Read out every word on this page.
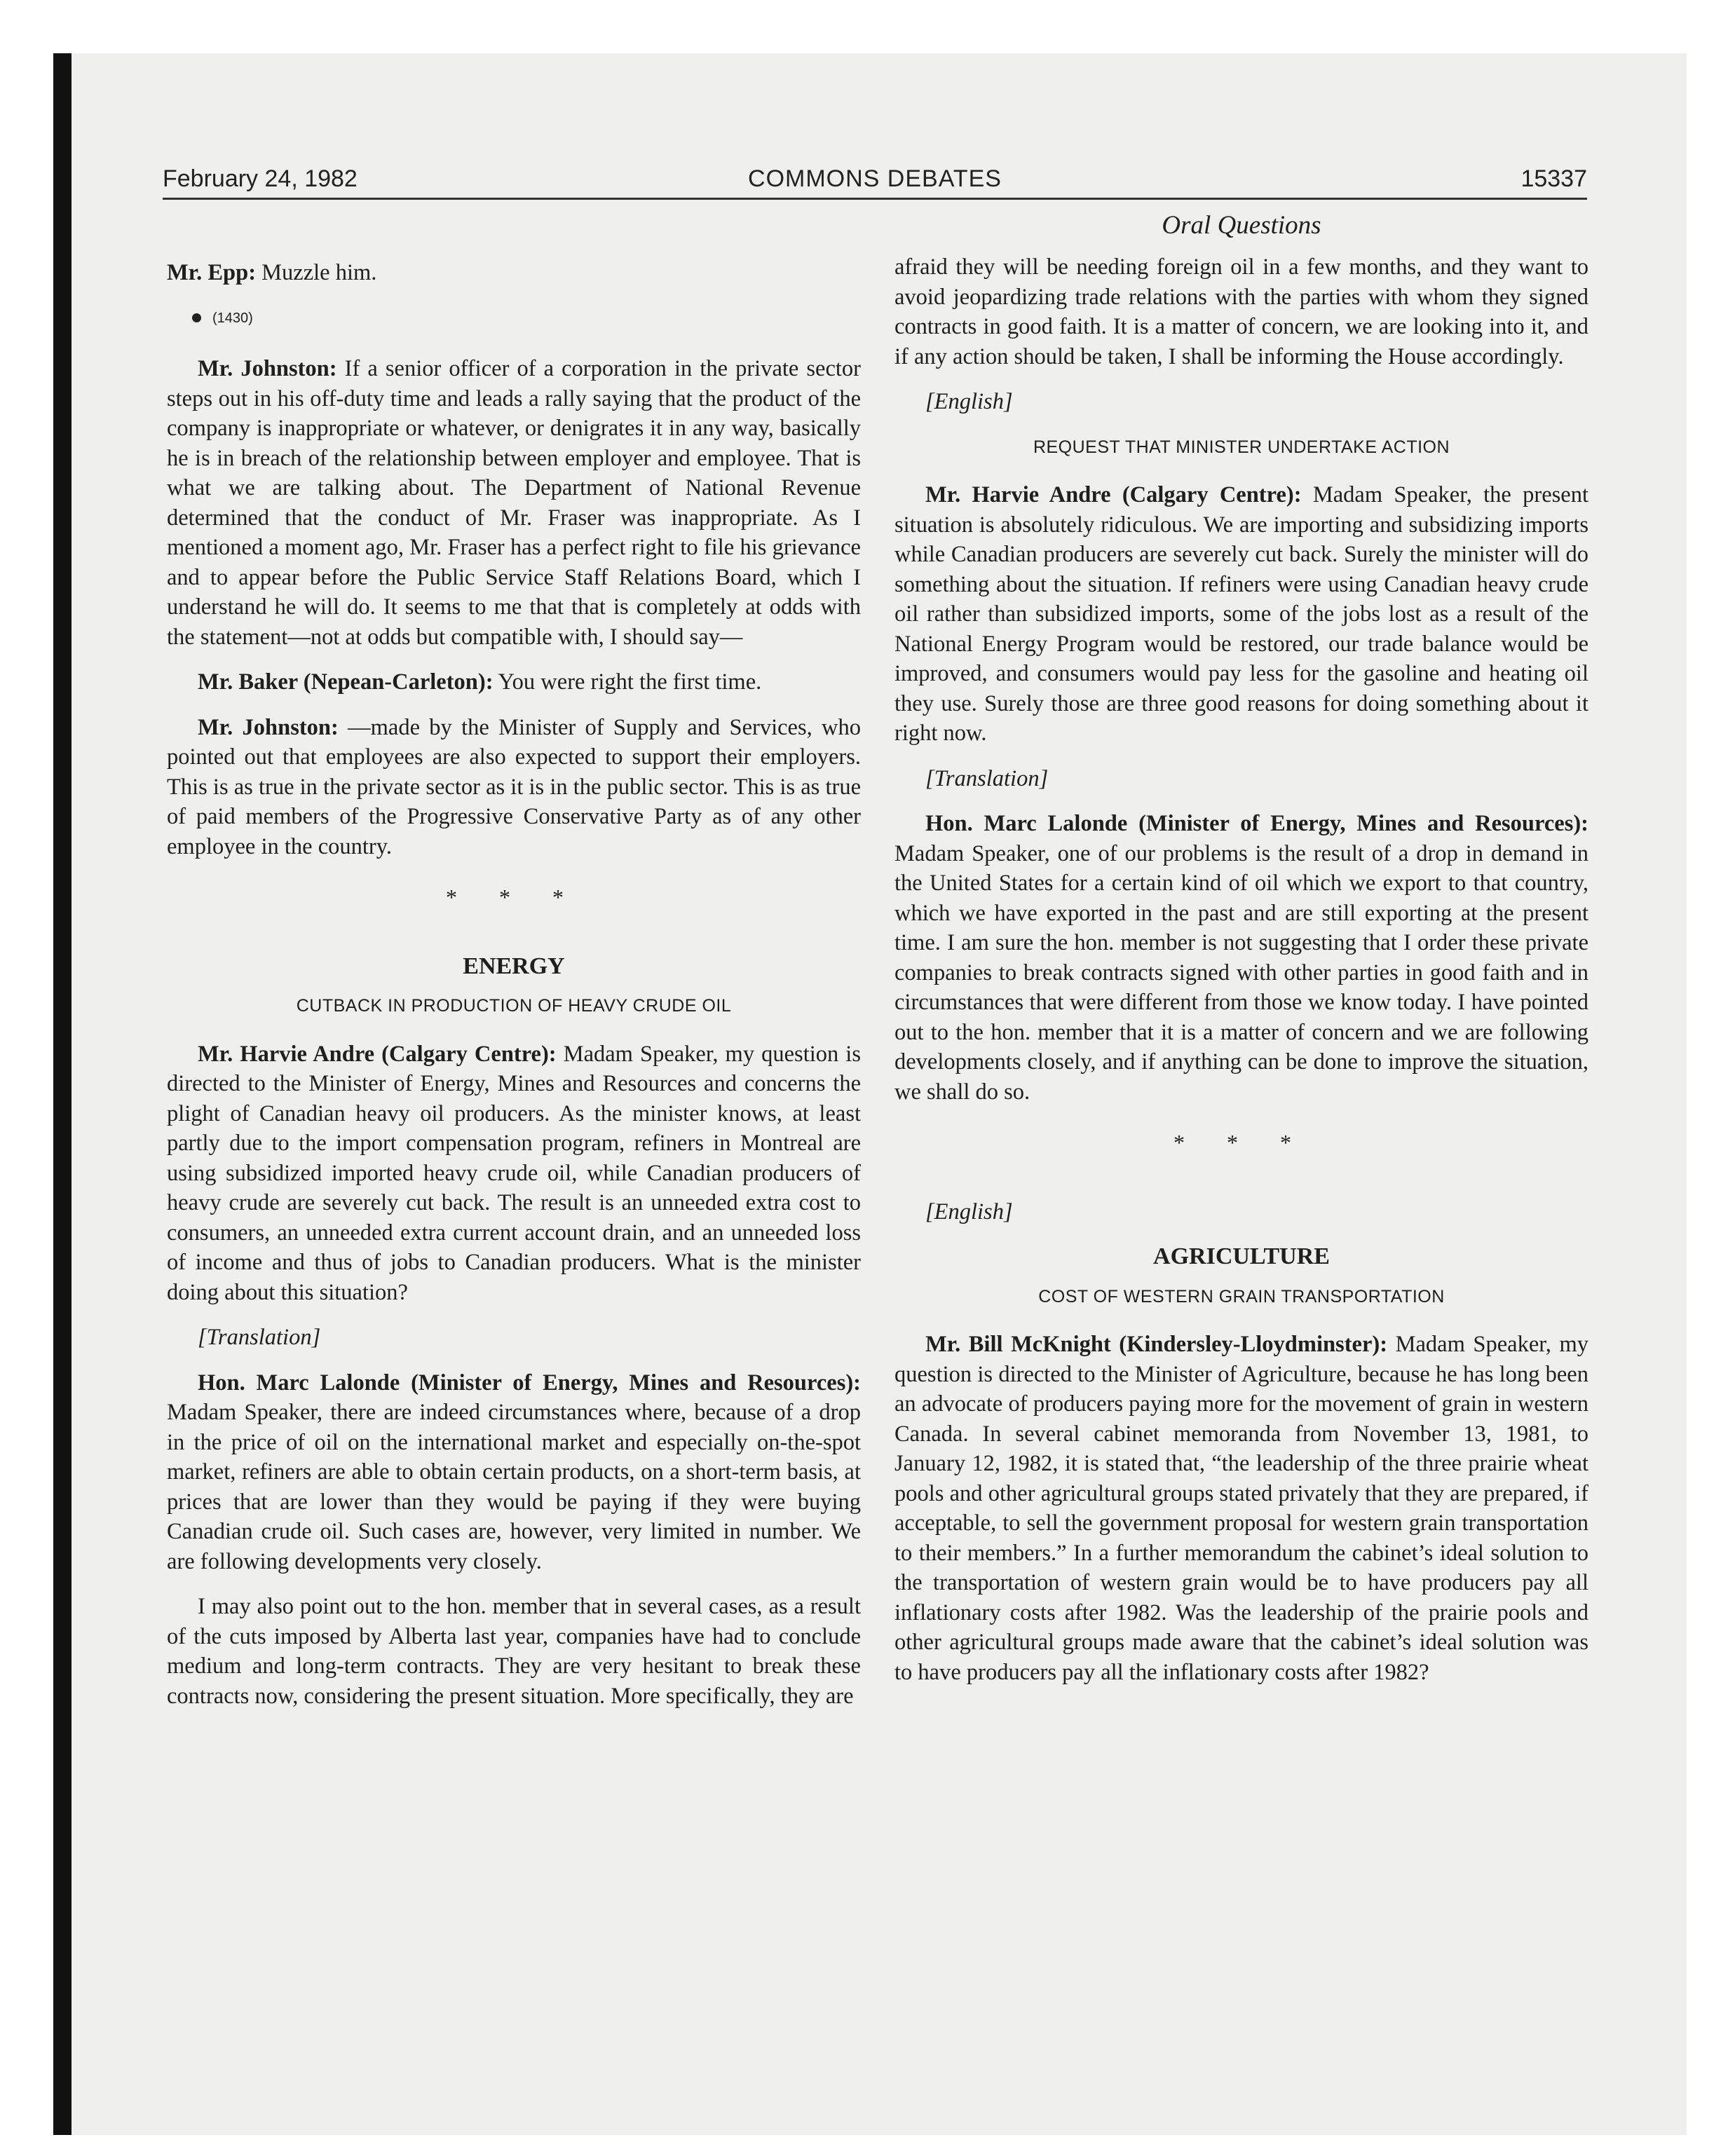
February 24, 1982	COMMONS DEBATES	15337
Oral Questions

Mr. Epp: Muzzle him.

(1430)

Mr. Johnston: If a senior officer of a corporation in the private sector steps out in his off-duty time and leads a rally saying that the product of the company is inappropriate or whatever, or denigrates it in any way, basically he is in breach of the relationship between employer and employee. That is what we are talking about. The Department of National Revenue determined that the conduct of Mr. Fraser was inappropriate. As I mentioned a moment ago, Mr. Fraser has a perfect right to file his grievance and to appear before the Public Service Staff Relations Board, which I understand he will do. It seems to me that that is completely at odds with the statement—not at odds but compatible with, I should say—

Mr. Baker (Nepean-Carleton): You were right the first time.

Mr. Johnston: —made by the Minister of Supply and Services, who pointed out that employees are also expected to support their employers. This is as true in the private sector as it is in the public sector. This is as true of paid members of the Progressive Conservative Party as of any other employee in the country.

* * *
ENERGY
CUTBACK IN PRODUCTION OF HEAVY CRUDE OIL

Mr. Harvie Andre (Calgary Centre): Madam Speaker, my question is directed to the Minister of Energy, Mines and Resources and concerns the plight of Canadian heavy oil producers. As the minister knows, at least partly due to the import compensation program, refiners in Montreal are using subsidized imported heavy crude oil, while Canadian producers of heavy crude are severely cut back. The result is an unneeded extra cost to consumers, an unneeded extra current account drain, and an unneeded loss of income and thus of jobs to Canadian producers. What is the minister doing about this situation?

[Translation]

Hon. Marc Lalonde (Minister of Energy, Mines and Resources): Madam Speaker, there are indeed circumstances where, because of a drop in the price of oil on the international market and especially on-the-spot market, refiners are able to obtain certain products, on a short-term basis, at prices that are lower than they would be paying if they were buying Canadian crude oil. Such cases are, however, very limited in number. We are following developments very closely.

I may also point out to the hon. member that in several cases, as a result of the cuts imposed by Alberta last year, companies have had to conclude medium and long-term contracts. They are very hesitant to break these contracts now, considering the present situation. More specifically, they are

afraid they will be needing foreign oil in a few months, and they want to avoid jeopardizing trade relations with the parties with whom they signed contracts in good faith. It is a matter of concern, we are looking into it, and if any action should be taken, I shall be informing the House accordingly.

[English]

REQUEST THAT MINISTER UNDERTAKE ACTION

Mr. Harvie Andre (Calgary Centre): Madam Speaker, the present situation is absolutely ridiculous. We are importing and subsidizing imports while Canadian producers are severely cut back. Surely the minister will do something about the situation. If refiners were using Canadian heavy crude oil rather than subsidized imports, some of the jobs lost as a result of the National Energy Program would be restored, our trade balance would be improved, and consumers would pay less for the gasoline and heating oil they use. Surely those are three good reasons for doing something about it right now.

[Translation]

Hon. Marc Lalonde (Minister of Energy, Mines and Resources): Madam Speaker, one of our problems is the result of a drop in demand in the United States for a certain kind of oil which we export to that country, which we have exported in the past and are still exporting at the present time. I am sure the hon. member is not suggesting that I order these private companies to break contracts signed with other parties in good faith and in circumstances that were different from those we know today. I have pointed out to the hon. member that it is a matter of concern and we are following developments closely, and if anything can be done to improve the situation, we shall do so.

* * *

[English]

AGRICULTURE
COST OF WESTERN GRAIN TRANSPORTATION

Mr. Bill McKnight (Kindersley-Lloydminster): Madam Speaker, my question is directed to the Minister of Agriculture, because he has long been an advocate of producers paying more for the movement of grain in western Canada. In several cabinet memoranda from November 13, 1981, to January 12, 1982, it is stated that, “the leadership of the three prairie wheat pools and other agricultural groups stated privately that they are prepared, if acceptable, to sell the government proposal for western grain transportation to their members.” In a further memorandum the cabinet’s ideal solution to the transportation of western grain would be to have producers pay all inflationary costs after 1982. Was the leadership of the prairie pools and other agricultural groups made aware that the cabinet’s ideal solution was to have producers pay all the inflationary costs after 1982?
